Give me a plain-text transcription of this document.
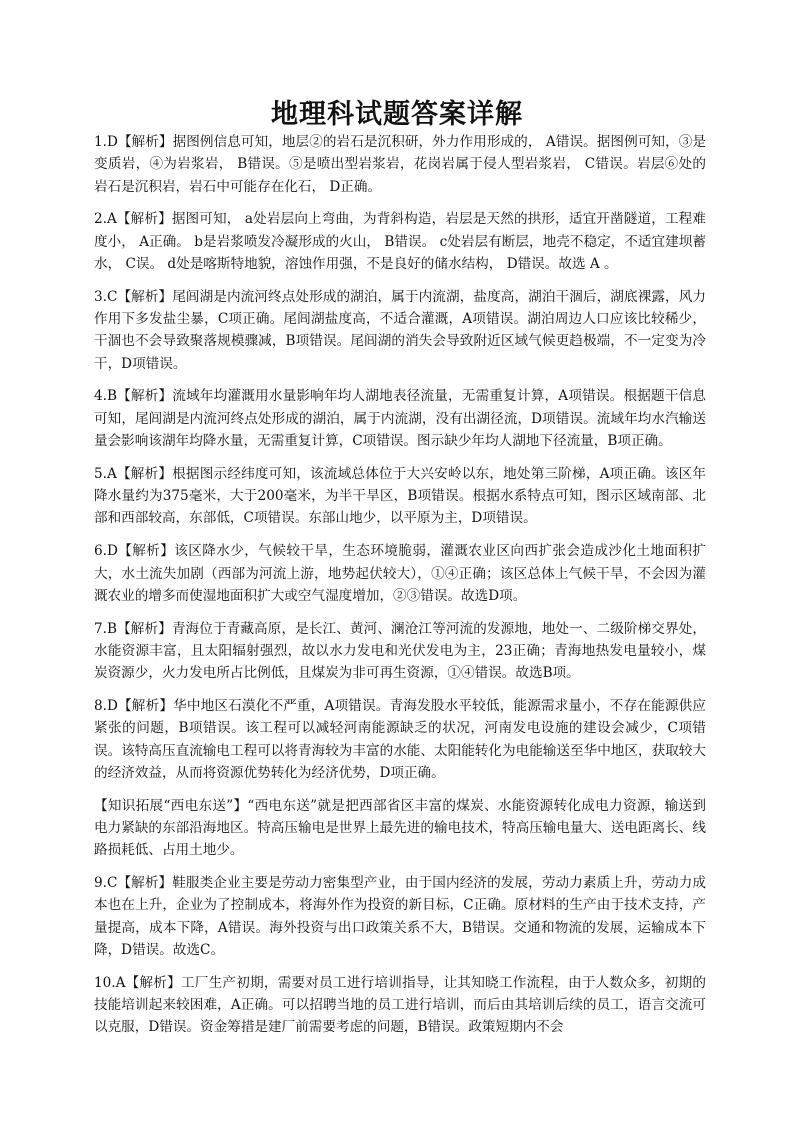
地理科试题答案详解

1.D【解析】据图例信息可知，地层②的岩石是沉积研，外力作用形成的， A错误。据图例可知，③是变质岩，④为岩浆岩， B错误。⑤是喷出型岩浆岩，花岗岩属于侵人型岩浆岩， C错误。岩层⑥处的岩石是沉积岩，岩石中可能存在化石， D正确。

2.A【解析】据图可知， a处岩层向上弯曲，为背斜构造，岩层是天然的拱形，适宜开凿隧道，工程难度小， A正确。 b是岩浆喷发冷凝形成的火山， B错误。 c处岩层有断层，地壳不稳定，不适宜建坝蓄水， C误。 d处是喀斯特地貌，溶蚀作用强，不是良好的储水结构， D错误。故选 A 。

3.C【解析】尾闾湖是内流河终点处形成的湖泊，属于内流湖，盐度高，湖泊干涸后，湖底裸露，风力作用下多发盐尘暴，C项正确。尾闾湖盐度高，不适合灌溉，A项错误。湖泊周边人口应该比较稀少，干涸也不会导致聚落规模骤减，B项错误。尾闾湖的消失会导致附近区域气候更趋极端，不一定变为冷干，D项错误。

4.B【解析】流域年均灌溉用水量影响年均人湖地表径流量，无需重复计算，A项错误。根据题干信息可知，尾闾湖是内流河终点处形成的湖泊，属于内流湖，没有出湖径流，D项错误。流域年均水汽输送量会影响该湖年均降水量，无需重复计算，C项错误。图示缺少年均人湖地下径流量，B项正确。

5.A【解析】根据图示经纬度可知，该流域总体位于大兴安岭以东，地处第三阶梯，A项正确。该区年降水量约为375毫米，大于200毫米，为半干旱区，B项错误。根据水系特点可知，图示区域南部、北部和西部较高，东部低，C项错误。东部山地少，以平原为主，D项错误。

6.D【解析】该区降水少，气候较干旱，生态环境脆弱，灌溉农业区向西扩张会造成沙化土地面积扩大，水土流失加剧（西部为河流上游，地势起伏较大），①④正确；该区总体上气候干旱，不会因为灌溉农业的增多而使湿地面积扩大或空气湿度增加，②③错误。故选D项。

7.B【解析】青海位于青藏高原，是长江、黄河、澜沧江等河流的发源地，地处一、二级阶梯交界处，水能资源丰富，且太阳辐射强烈，故以水力发电和光伏发电为主，23正确；青海地热发电量较小，煤炭资源少，火力发电所占比例低，且煤炭为非可再生资源，①④错误。故选B项。

8.D【解析】华中地区石漠化不严重，A项错误。青海发股水平较低，能源需求量小，不存在能源供应紧张的问题，B项错误。该工程可以减轻河南能源缺乏的状况，河南发电设施的建设会减少，C项错误。该特高压直流输电工程可以将青海较为丰富的水能、太阳能转化为电能输送至华中地区，获取较大的经济效益，从而将资源优势转化为经济优势，D项正确。

【知识拓展“西电东送”】“西电东送”就是把西部省区丰富的煤炭、水能资源转化成电力资源，输送到电力紧缺的东部沿海地区。特高压输电是世界上最先进的输电技术，特高压输电量大、送电距离长、线路损耗低、占用土地少。

9.C【解析】鞋服类企业主要是劳动力密集型产业，由于国内经济的发展，劳动力素质上升，劳动力成本也在上升，企业为了控制成本，将海外作为投资的新目标，C正确。原材料的生产由于技术支持，产量提高，成本下降，A错误。海外投资与出口政策关系不大，B错误。交通和物流的发展，运输成本下降，D错误。故选C。

10.A【解析】工厂生产初期，需要对员工进行培训指导，让其知晓工作流程，由于人数众多，初期的技能培训起来较困难，A正确。可以招聘当地的员工进行培训，而后由其培训后续的员工，语言交流可以克服，D错误。资金筹措是建厂前需要考虑的问题，B错误。政策短期内不会
